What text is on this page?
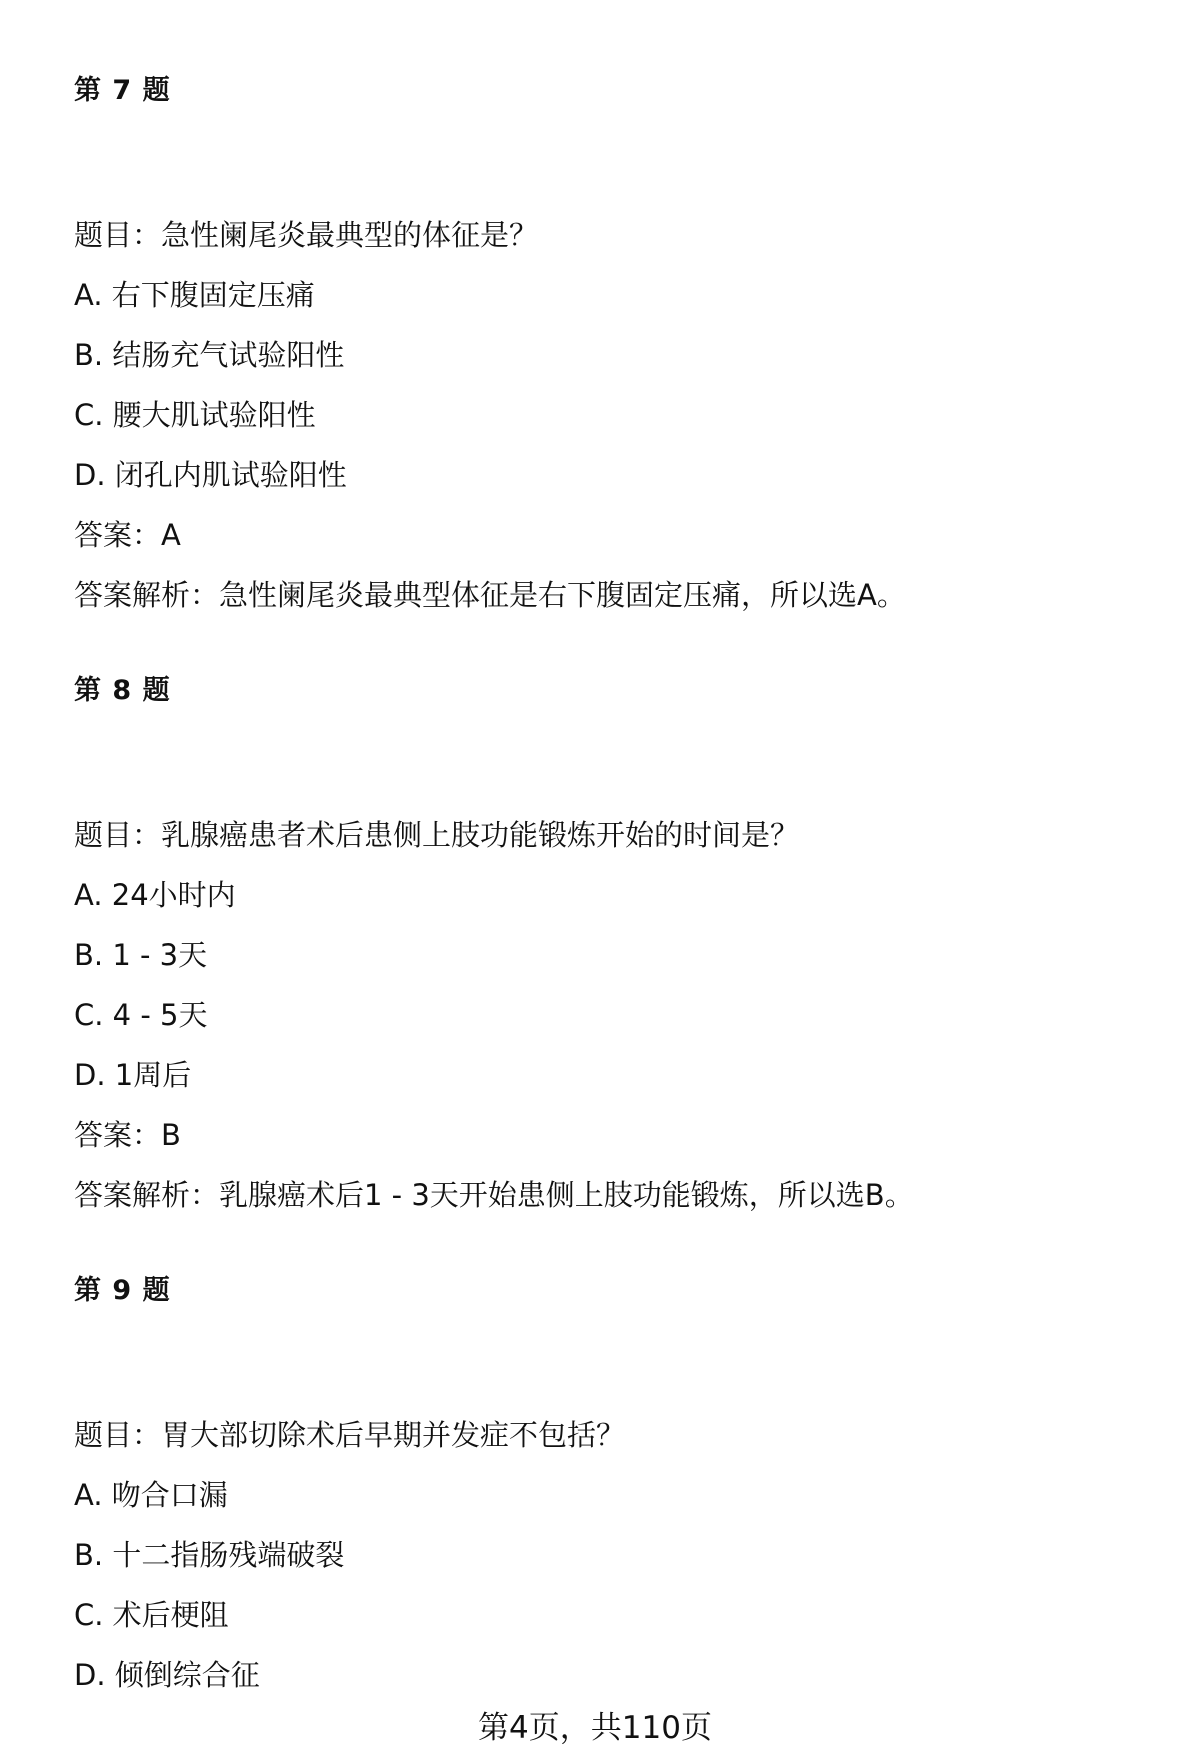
第 7 题
题目：急性阑尾炎最典型的体征是？
A. 右下腹固定压痛
B. 结肠充气试验阳性
C. 腰大肌试验阳性
D. 闭孔内肌试验阳性
答案：A
答案解析：急性阑尾炎最典型体征是右下腹固定压痛，所以选A。
第 8 题
题目：乳腺癌患者术后患侧上肢功能锻炼开始的时间是？
A. 24小时内
B. 1 - 3天
C. 4 - 5天
D. 1周后
答案：B
答案解析：乳腺癌术后1 - 3天开始患侧上肢功能锻炼，所以选B。
第 9 题
题目：胃大部切除术后早期并发症不包括？
A. 吻合口漏
B. 十二指肠残端破裂
C. 术后梗阻
D. 倾倒综合征
第4页，共110页
